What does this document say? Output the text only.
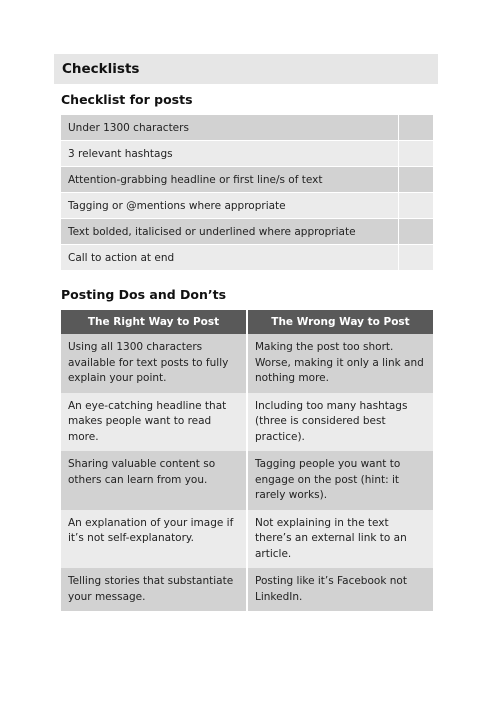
Checklists
Checklist for posts
Under 1300 characters	
3 relevant hashtags	
Attention-grabbing headline or first line/s of text	
Tagging or @mentions where appropriate	
Text bolded, italicised or underlined where appropriate	
Call to action at end	
Posting Dos and Don’ts
The Right Way to Post	The Wrong Way to Post
Using all 1300 characters available for text posts to fully explain your point.	Making the post too short. Worse, making it only a link and nothing more.
An eye-catching headline that makes people want to read more.	Including too many hashtags (three is considered best practice).
Sharing valuable content so others can learn from you.	Tagging people you want to engage on the post (hint: it rarely works).
An explanation of your image if it’s not self-explanatory.	Not explaining in the text there’s an external link to an article.
Telling stories that substantiate your message.	Posting like it’s Facebook not LinkedIn.
